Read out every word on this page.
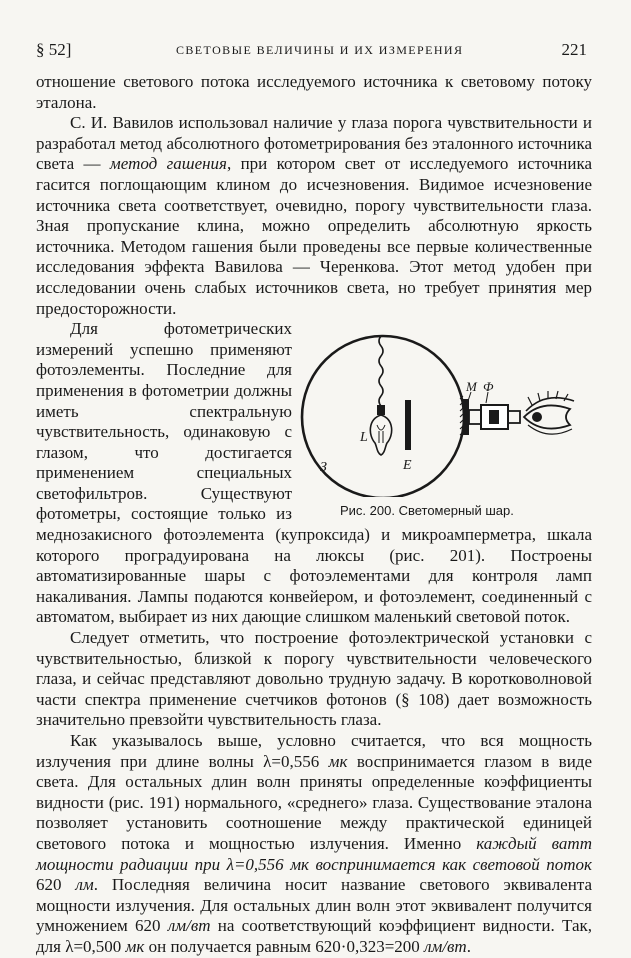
§ 52]	СВЕТОВЫЕ ВЕЛИЧИНЫ И ИХ ИЗМЕРЕНИЯ	221

отношение светового потока исследуемого источника к световому потоку эталона.

С. И. Вавилов использовал наличие у глаза порога чувствительности и разработал метод абсолютного фотометрирования без эталонного источника света — метод гашения, при котором свет от исследуемого источника гасится поглощающим клином до исчезновения. Видимое исчезновение источника света соответствует, очевидно, порогу чувствительности глаза. Зная пропускание клина, можно определить абсолютную яркость источника. Методом гашения были проведены все первые количественные исследования эффекта Вавилова — Черенкова. Этот метод удобен при исследовании очень слабых источников света, но требует принятия мер предосторожности.

L
E
З
М Ф
Рис. 200. Светомерный шар.

Для фотометрических измерений успешно применяют фотоэлементы. Последние для применения в фотометрии должны иметь спектральную чувствительность, одинаковую с глазом, что достигается применением специальных светофильтров. Существуют фотометры, состоящие только из меднозакисного фотоэлемента (купроксида) и микроамперметра, шкала которого проградуирована на люксы (рис. 201). Построены автоматизированные шары с фотоэлементами для контроля ламп накаливания. Лампы подаются конвейером, и фотоэлемент, соединенный с автоматом, выбирает из них дающие слишком маленький световой поток.

Следует отметить, что построение фотоэлектрической установки с чувствительностью, близкой к порогу чувствительности человеческого глаза, и сейчас представляют довольно трудную задачу. В коротковолновой части спектра применение счетчиков фотонов (§ 108) дает возможность значительно превзойти чувствительность глаза.

Как указывалось выше, условно считается, что вся мощность излучения при длине волны λ=0,556 мк воспринимается глазом в виде света. Для остальных длин волн приняты определенные коэффициенты видности (рис. 191) нормального, «среднего» глаза. Существование эталона позволяет установить соотношение между практической единицей светового потока и мощностью излучения. Именно каждый ватт мощности радиации при λ=0,556 мк воспринимается как световой поток 620 лм. Последняя величина носит название светового эквивалента мощности излучения. Для остальных длин волн этот эквивалент получится умножением 620 лм/вт на соответствующий коэффициент видности. Так, для λ=0,500 мк он получается равным 620·0,323=200 лм/вт.
